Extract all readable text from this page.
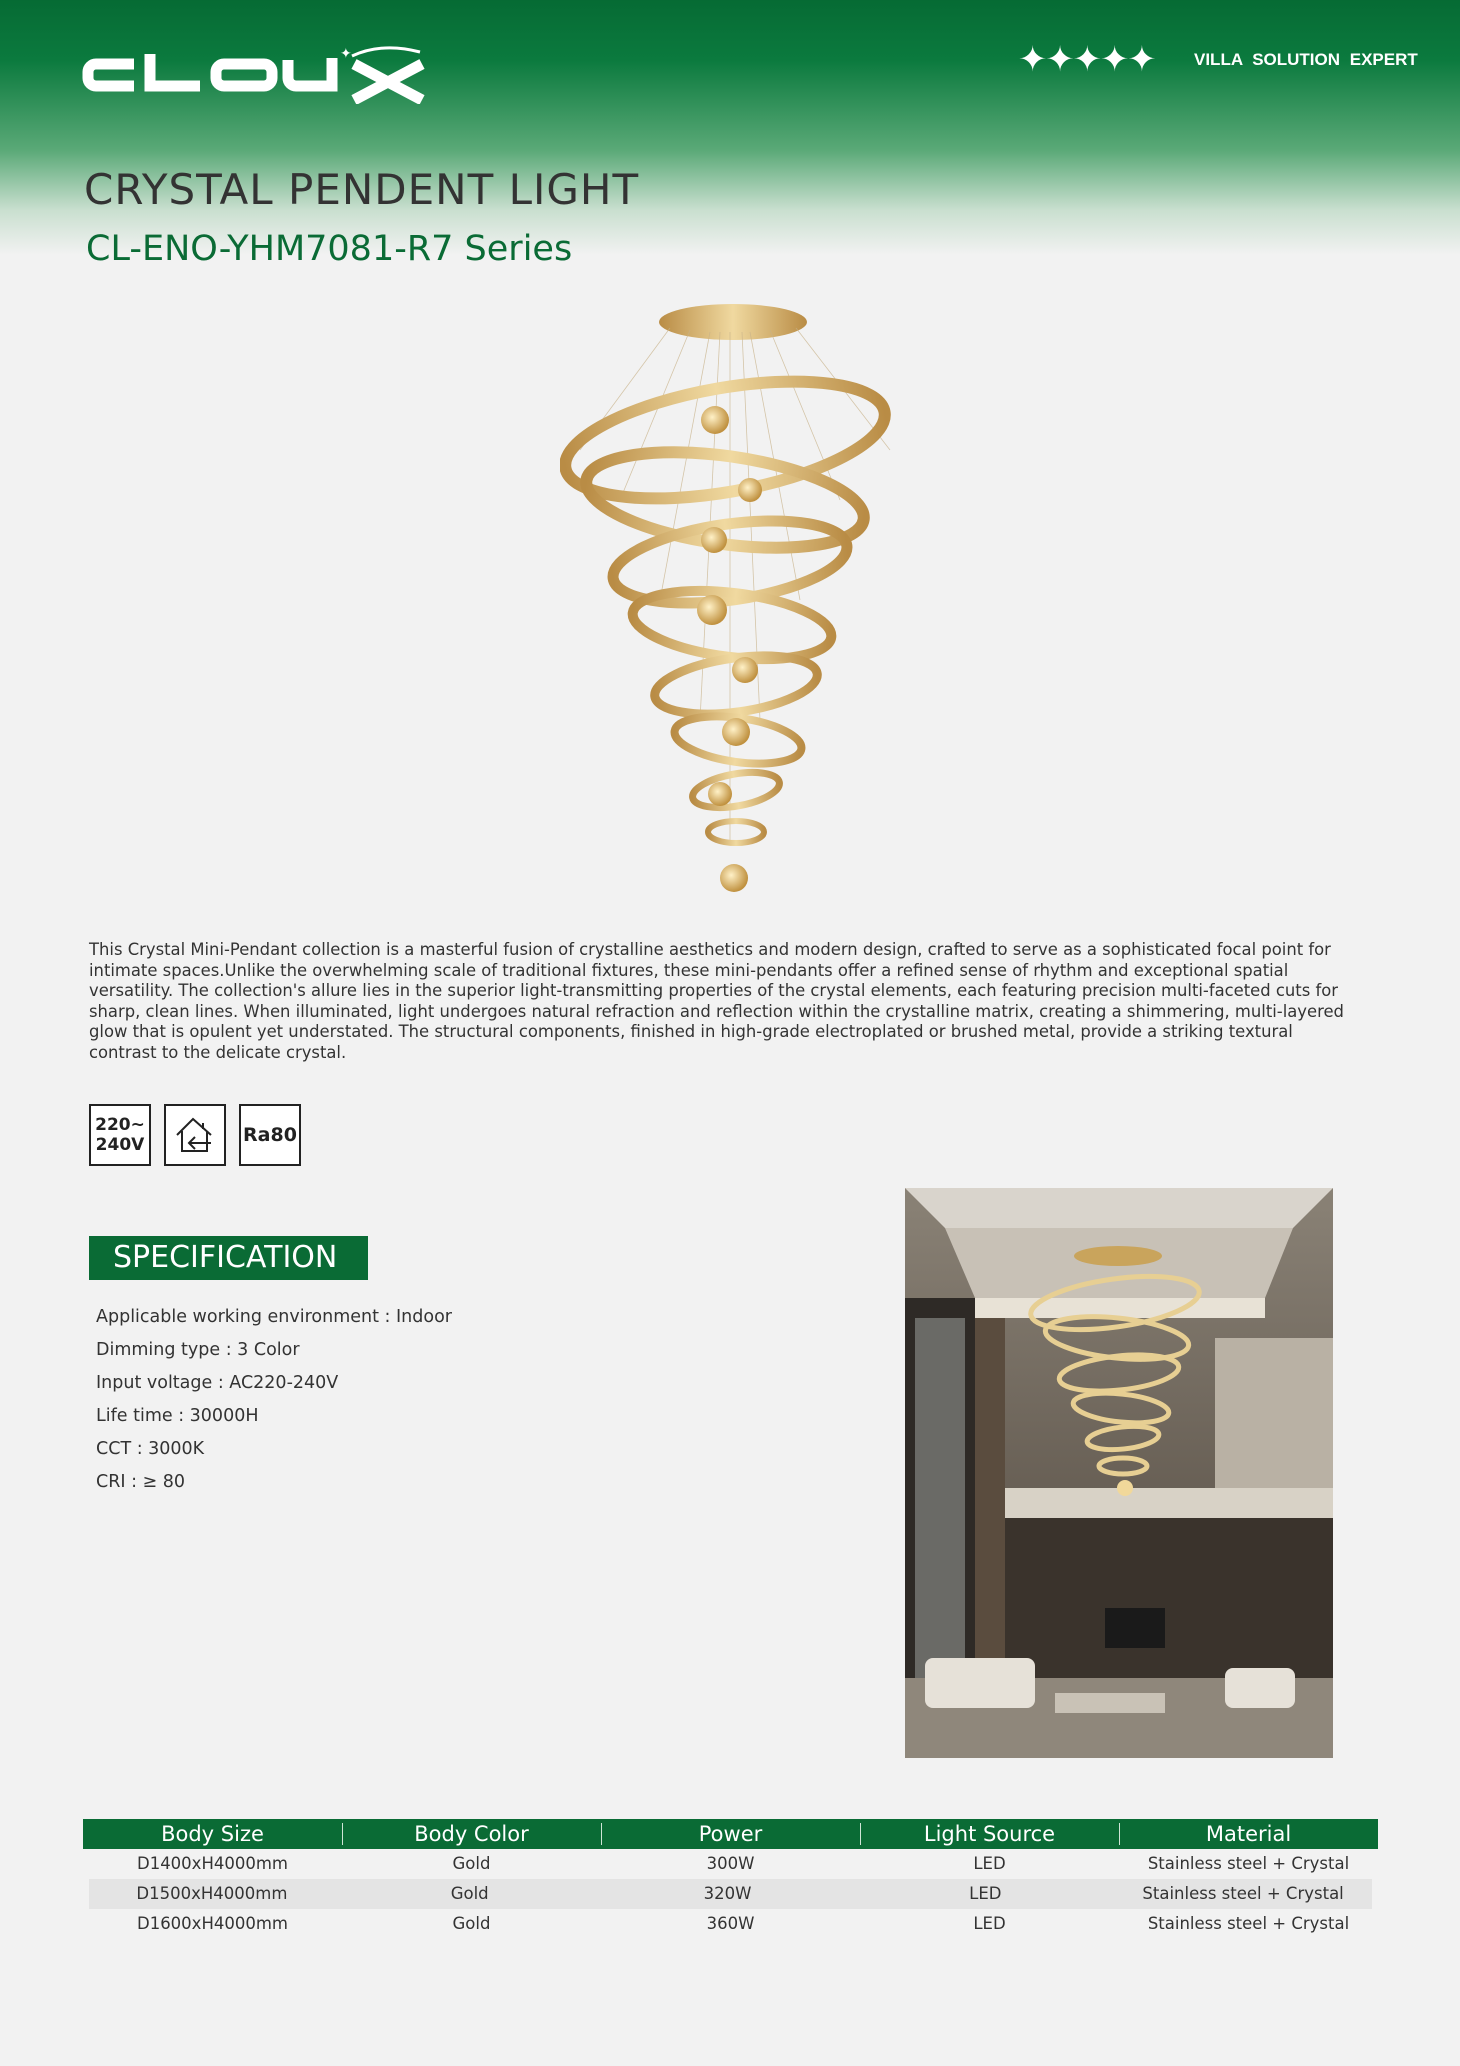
✦
CLOUX	✦✦✦✦✦ VILLA SOLUTION EXPERT
CRYSTAL PENDENT LIGHT
CL-ENO-YHM7081-R7 Series

This Crystal Mini-Pendant collection is a masterful fusion of crystalline aesthetics and modern design, crafted to serve as a sophisticated focal point for intimate spaces.Unlike the overwhelming scale of traditional fixtures, these mini-pendants offer a refined sense of rhythm and exceptional spatial versatility. The collection's allure lies in the superior light-transmitting properties of the crystal elements, each featuring precision multi-faceted cuts for sharp, clean lines. When illuminated, light undergoes natural refraction and reflection within the crystalline matrix, creating a shimmering, multi-layered glow that is opulent yet understated. The structural components, finished in high-grade electroplated or brushed metal, provide a striking textural contrast to the delicate crystal.

220~
240V	Ra80
SPECIFICATION
Applicable working environment : Indoor
Dimming type : 3 Color
Input voltage : AC220-240V
Life time : 30000H
CCT : 3000K
CRI : ≥ 80
Body Size	Body Color	Power	Light Source	Material
D1400xH4000mm	Gold	300W	LED	Stainless steel + Crystal
D1500xH4000mm	Gold	320W	LED	Stainless steel + Crystal
D1600xH4000mm	Gold	360W	LED	Stainless steel + Crystal
